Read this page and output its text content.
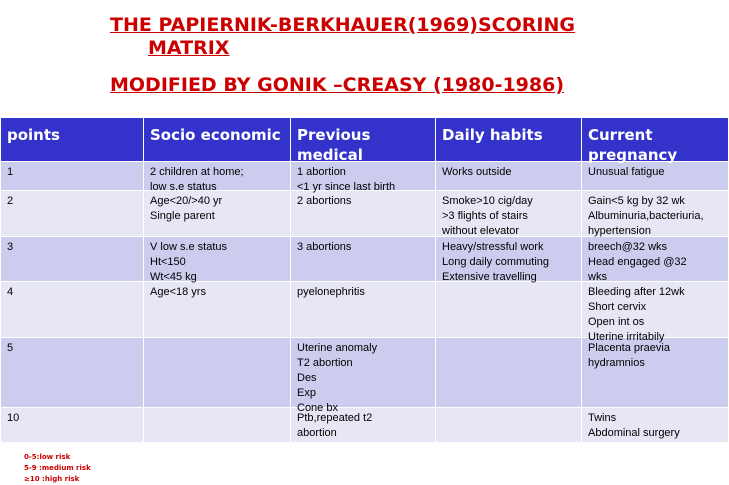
THE PAPIERNIK-BERKHAUER(1969)SCORING
MATRIX
MODIFIED BY GONIK –CREASY (1980-1986)
points	Socio economic	Previous medical	Daily habits	Current pregnancy

1	2 children at home;
low s.e status	1 abortion
<1 yr since last birth	Works outside	Unusual fatigue

2	Age<20/>40 yr
Single parent	2 abortions	Smoke>10 cig/day
>3 flights of stairs
without elevator	Gain<5 kg by 32 wk
Albuminuria,bacteriuria,
hypertension

3	V low s.e status
Ht<150
Wt<45 kg	3 abortions	Heavy/stressful work
Long daily commuting
Extensive travelling	breech@32 wks
Head engaged @32
wks

4	Age<18 yrs	pyelonephritis		Bleeding after 12wk
Short cervix
Open int os
Uterine irritabily

5		Uterine anomaly
T2 abortion
Des
Exp
Cone bx		Placenta praevia
hydramnios

10		Ptb,repeated t2
abortion		Twins
Abdominal surgery
0-5:low risk
5-9 :medium risk
≥10 :high risk
